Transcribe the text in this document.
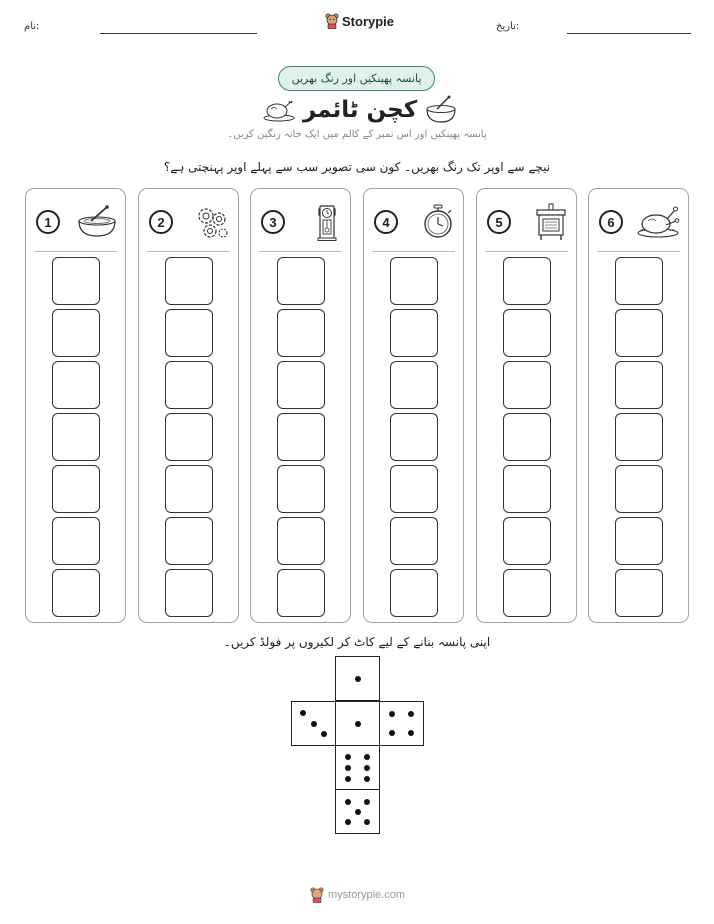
نام:	Storypie	تاریخ:
پانسہ پھینکیں اور رنگ بھریں
کچن ٹائمر
پانسہ پھینکیں اور اس نمبر کے کالم میں ایک خانہ رنگین کریں۔
نیچے سے اوپر تک رنگ بھریں۔ کون سی تصویر سب سے پہلے اوپر پہنچتی ہے؟
1	2	3	4	5	6
اپنی پانسہ بنانے کے لیے کاٹ کر لکیروں پر فولڈ کریں۔
mystorypie.com
